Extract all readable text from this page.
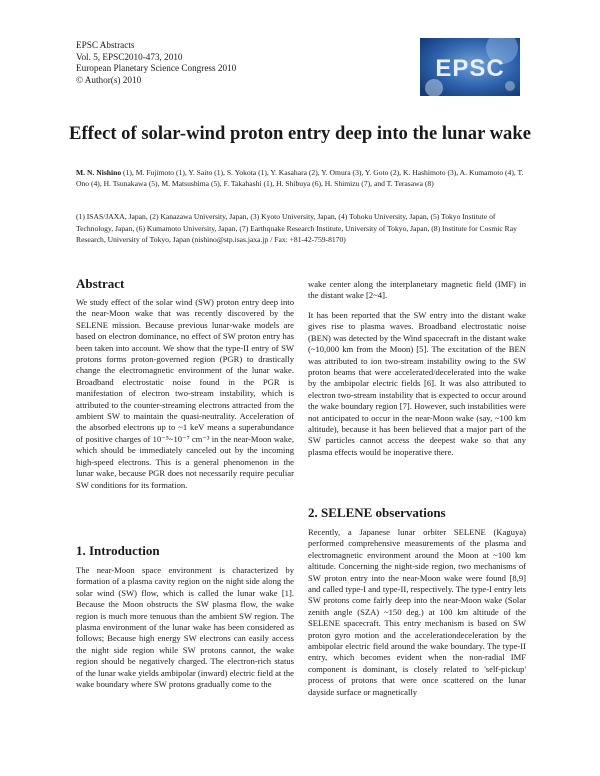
EPSC Abstracts
Vol. 5, EPSC2010-473, 2010
European Planetary Science Congress 2010
© Author(s) 2010	EPSC
Effect of solar-wind proton entry deep into the lunar wake
M. N. Nishino (1), M. Fujimoto (1), Y. Saito (1), S. Yokota (1), Y. Kasahara (2), Y. Omura (3), Y. Goto (2), K. Hashimoto (3), A. Kumamoto (4), T. Ono (4), H. Tsunakawa (5), M. Matsushima (5), F. Takahashi (1), H. Shibuya (6), H. Shimizu (7), and T. Terasawa (8)
(1) ISAS/JAXA, Japan, (2) Kanazawa University, Japan, (3) Kyoto University, Japan, (4) Tohoku University, Japan, (5) Tokyo Institute of Technology, Japan, (6) Kumamoto University, Japan, (7) Earthquake Research Institute, University of Tokyo, Japan, (8) Institute for Cosmic Ray Research, University of Tokyo, Japan (nishino@stp.isas.jaxa.jp / Fax: +81-42-759-8170)
Abstract

We study effect of the solar wind (SW) proton entry deep into the near-Moon wake that was recently discovered by the SELENE mission. Because previous lunar-wake models are based on electron dominance, no effect of SW proton entry has been taken into account. We show that the type-II entry of SW protons forms proton-governed region (PGR) to drastically change the electromagnetic environment of the lunar wake. Broadband electrostatic noise found in the PGR is manifestation of electron two-stream instability, which is attributed to the counter-streaming electrons attracted from the ambient SW to maintain the quasi-neutrality. Acceleration of the absorbed electrons up to ~1 keV means a superabundance of positive charges of 10⁻⁵~10⁻⁷ cm⁻³ in the near-Moon wake, which should be immediately canceled out by the incoming high-speed electrons. This is a general phenomenon in the lunar wake, because PGR does not necessarily require peculiar SW conditions for its formation.

1. Introduction

The near-Moon space environment is characterized by formation of a plasma cavity region on the night side along the solar wind (SW) flow, which is called the lunar wake [1]. Because the Moon obstructs the SW plasma flow, the wake region is much more tenuous than the ambient SW region. The plasma environment of the lunar wake has been considered as follows; Because high energy SW electrons can easily access the night side region while SW protons cannot, the wake region should be negatively charged. The electron-rich status of the lunar wake yields ambipolar (inward) electric field at the wake boundary where SW protons gradually come to the

wake center along the interplanetary magnetic field (IMF) in the distant wake [2~4].

It has been reported that the SW entry into the distant wake gives rise to plasma waves. Broadband electrostatic noise (BEN) was detected by the Wind spacecraft in the distant wake (~10,000 km from the Moon) [5]. The excitation of the BEN was attributed to ion two-stream instability owing to the SW proton beams that were accelerated/decelerated into the wake by the ambipolar electric fields [6]. It was also attributed to electron two-stream instability that is expected to occur around the wake boundary region [7]. However, such instabilities were not anticipated to occur in the near-Moon wake (say, ~100 km altitude), because it has been believed that a major part of the SW particles cannot access the deepest wake so that any plasma effects would be inoperative there.

2. SELENE observations

Recently, a Japanese lunar orbiter SELENE (Kaguya) performed comprehensive measurements of the plasma and electromagnetic environment around the Moon at ~100 km altitude. Concerning the night-side region, two mechanisms of SW proton entry into the near-Moon wake were found [8,9] and called type-I and type-II, respectively. The type-I entry lets SW protons come fairly deep into the near-Moon wake (Solar zenith angle (SZA) ~150 deg.) at 100 km altitude of the SELENE spacecraft. This entry mechanism is based on SW proton gyro motion and the accelerationdeceleration by the ambipolar electric field around the wake boundary. The type-II entry, which becomes evident when the non-radial IMF component is dominant, is closely related to 'self-pickup' process of protons that were once scattered on the lunar dayside surface or magnetically
